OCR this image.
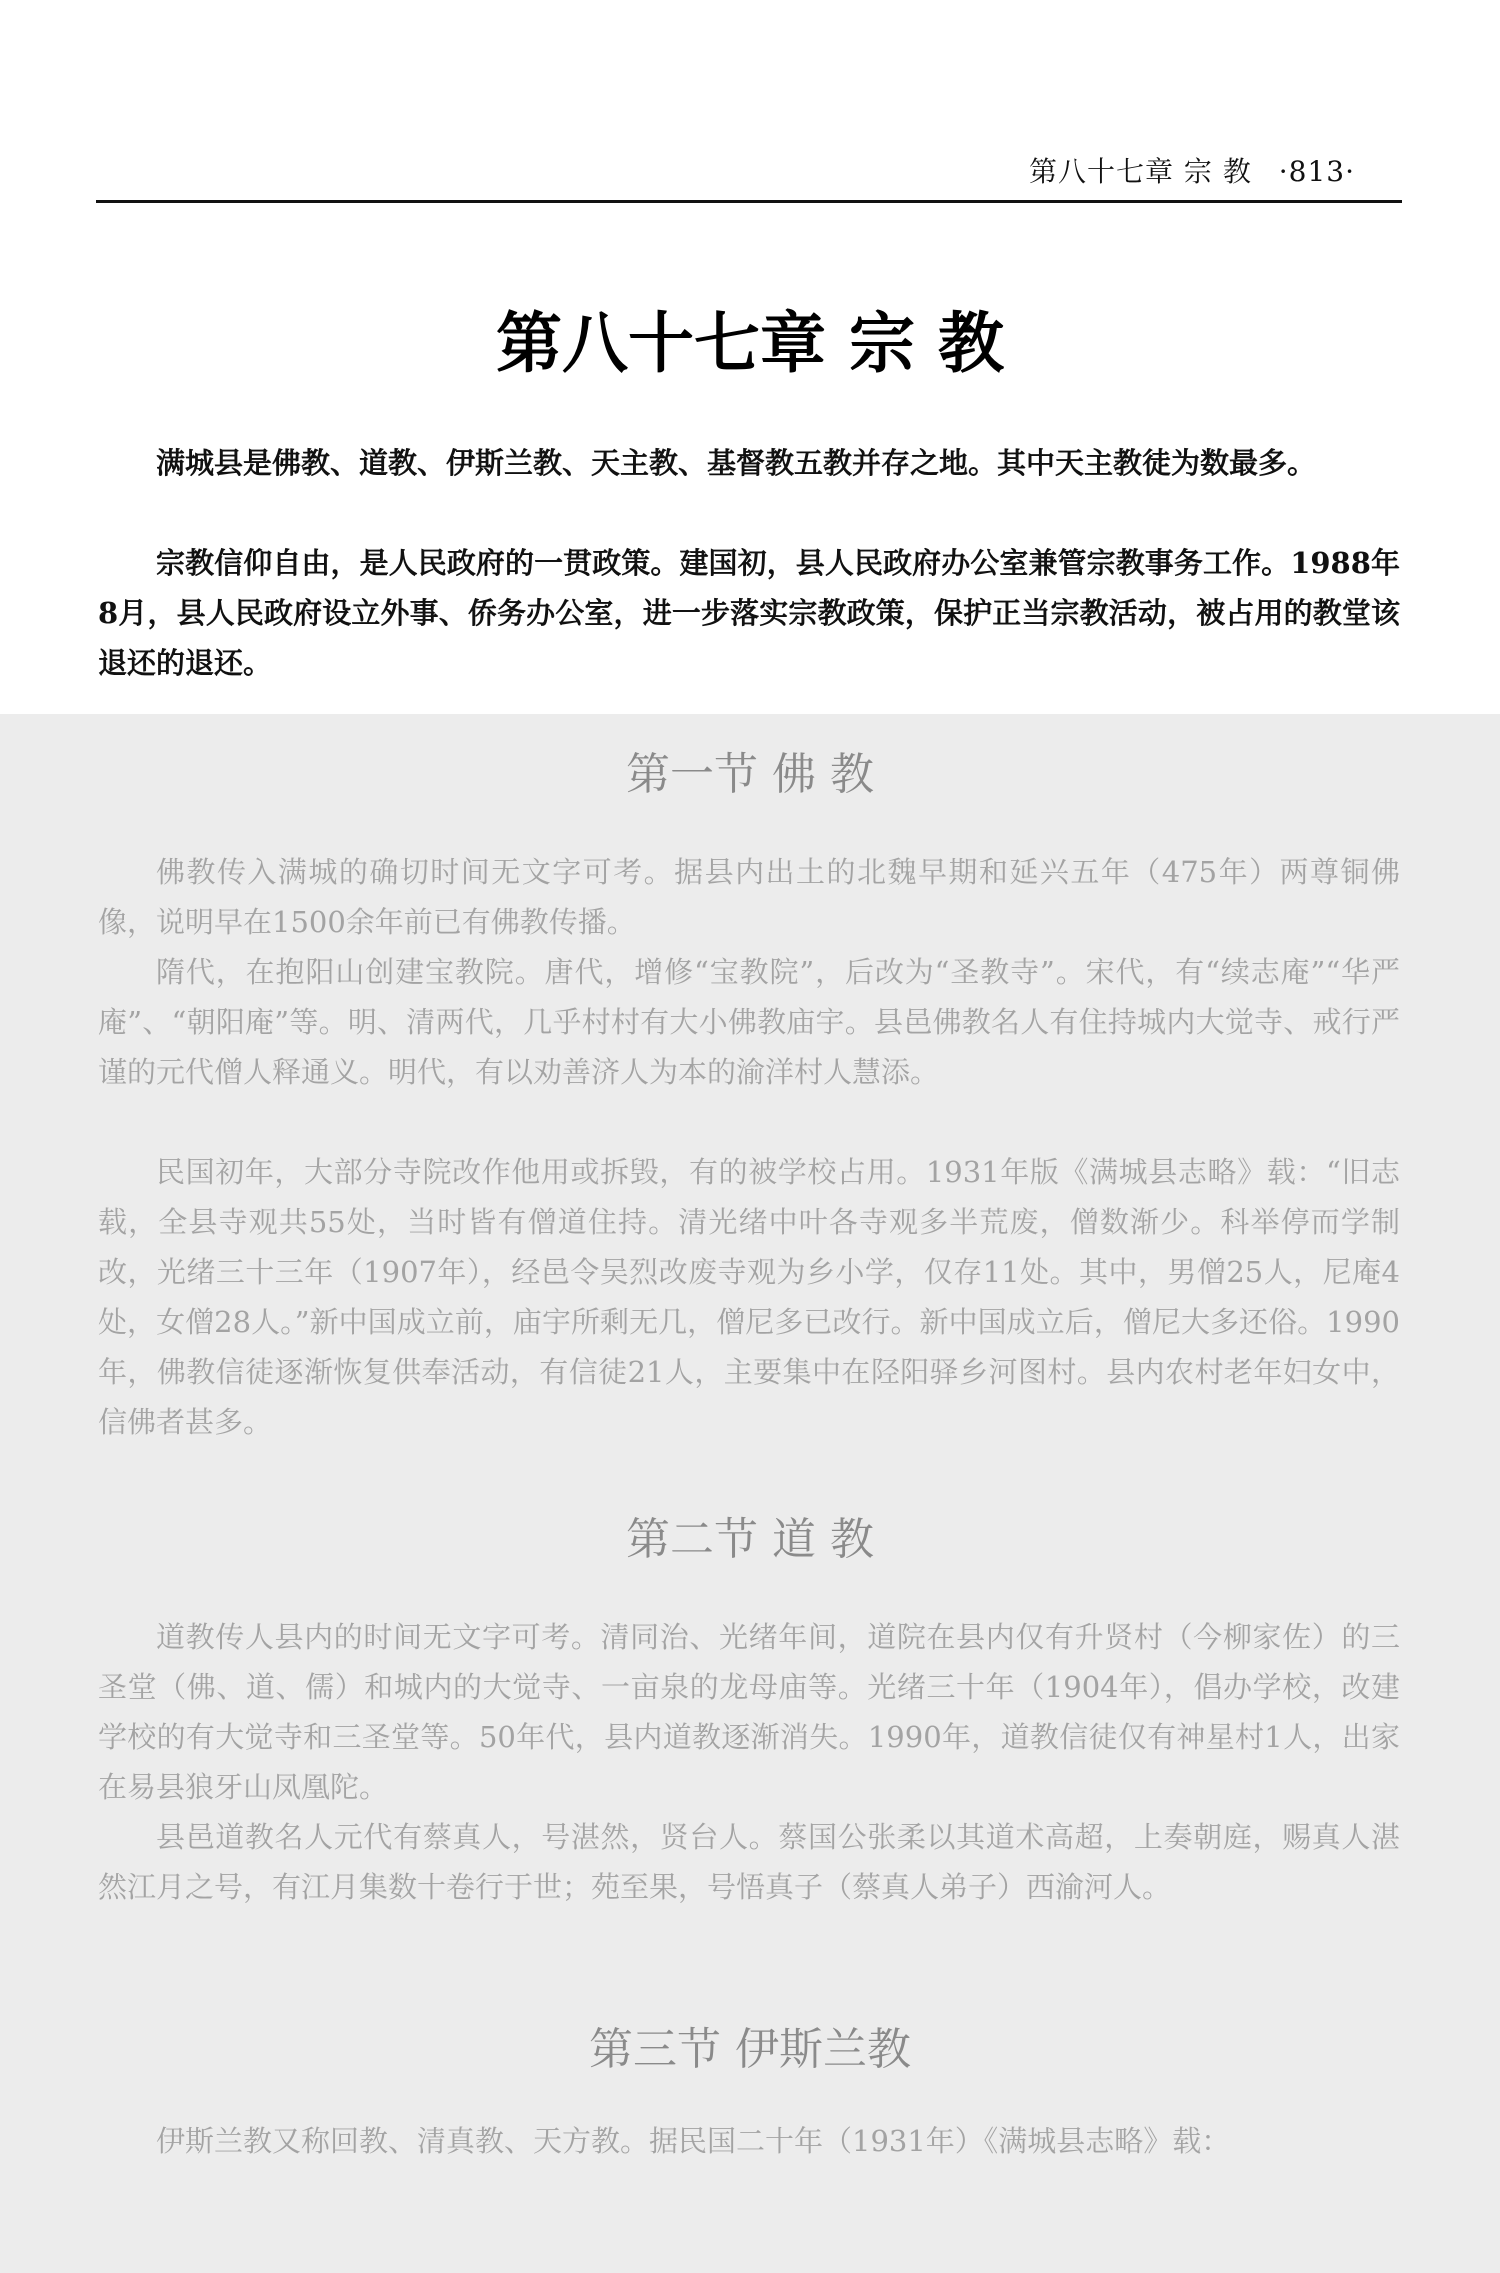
第八十七章 宗 教 ·813·
第八十七章 宗 教
满城县是佛教、道教、伊斯兰教、天主教、基督教五教并存之地。其中天主教徒为数最多。
宗教信仰自由，是人民政府的一贯政策。建国初，县人民政府办公室兼管宗教事务工作。1988年8月，县人民政府设立外事、侨务办公室，进一步落实宗教政策，保护正当宗教活动，被占用的教堂该退还的退还。
第一节 佛 教
佛教传入满城的确切时间无文字可考。据县内出土的北魏早期和延兴五年（475年）两尊铜佛像，说明早在1500余年前已有佛教传播。
隋代，在抱阳山创建宝教院。唐代，增修“宝教院”，后改为“圣教寺”。宋代，有“续志庵”“华严庵”、“朝阳庵”等。明、清两代，几乎村村有大小佛教庙宇。县邑佛教名人有住持城内大觉寺、戒行严谨的元代僧人释通义。明代，有以劝善济人为本的渝洋村人慧添。
民国初年，大部分寺院改作他用或拆毁，有的被学校占用。1931年版《满城县志略》载：“旧志载，全县寺观共55处，当时皆有僧道住持。清光绪中叶各寺观多半荒废，僧数渐少。科举停而学制改，光绪三十三年（1907年），经邑令吴烈改废寺观为乡小学，仅存11处。其中，男僧25人，尼庵4处，女僧28人。”新中国成立前，庙宇所剩无几，僧尼多已改行。新中国成立后，僧尼大多还俗。1990年，佛教信徒逐渐恢复供奉活动，有信徒21人，主要集中在陉阳驿乡河图村。县内农村老年妇女中，信佛者甚多。
第二节 道 教
道教传人县内的时间无文字可考。清同治、光绪年间，道院在县内仅有升贤村（今柳家佐）的三圣堂（佛、道、儒）和城内的大觉寺、一亩泉的龙母庙等。光绪三十年（1904年），倡办学校，改建学校的有大觉寺和三圣堂等。50年代，县内道教逐渐消失。1990年，道教信徒仅有神星村1人，出家在易县狼牙山凤凰陀。
县邑道教名人元代有蔡真人，号湛然，贤台人。蔡国公张柔以其道术高超，上奏朝庭，赐真人湛然江月之号，有江月集数十卷行于世；苑至果，号悟真子（蔡真人弟子）西渝河人。
第三节 伊斯兰教
伊斯兰教又称回教、清真教、天方教。据民国二十年（1931年）《满城县志略》载：
